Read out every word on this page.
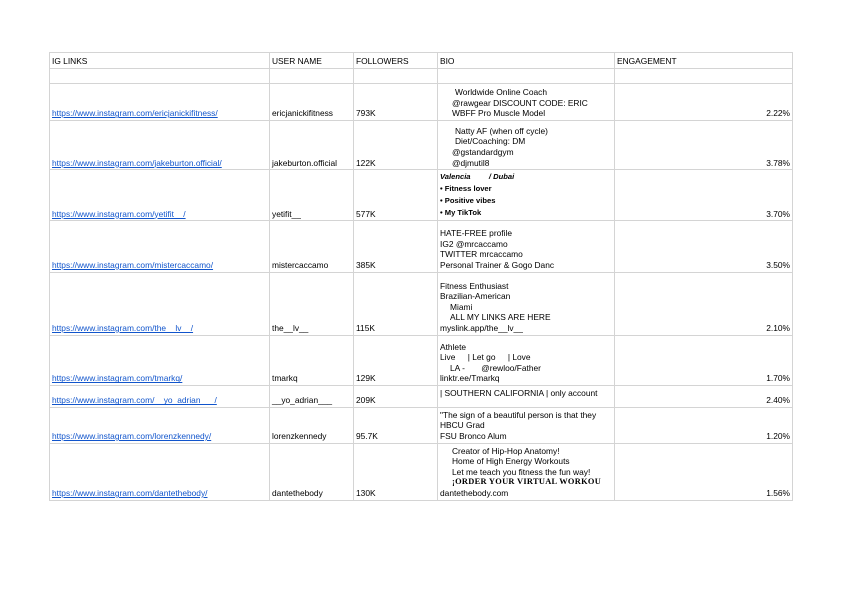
IG LINKS	USER NAME	FOLLOWERS	BIO	ENGAGEMENT

https://www.instagram.com/ericjanickifitness/	ericjanickifitness	793K	Worldwide Online Coach
@rawgear DISCOUNT CODE: ERIC
WBFF Pro Muscle Model	2.22%
https://www.instagram.com/jakeburton.official/	jakeburton.official	122K	Natty AF (when off cycle)
Diet/Coaching: DM
@gstandardgym
@djmutil8	3.78%
https://www.instagram.com/yetifit__/	yetifit__	577K	Valencia / Dubai
• Fitness lover
• Positive vibes
• My TikTok	3.70%
https://www.instagram.com/mistercaccamo/	mistercaccamo	385K	HATE-FREE profile
IG2 @mrcaccamo
TWITTER mrcaccamo
Personal Trainer & Gogo Danc	3.50%
https://www.instagram.com/the__lv__/	the__lv__	115K	Fitness Enthusiast
Brazilian-American
Miami
ALL MY LINKS ARE HERE
myslink.app/the__lv__	2.10%
https://www.instagram.com/tmarkq/	tmarkq	129K	Athlete
Live | Let go | Love
LA - @rewloo/Father
linktr.ee/Tmarkq	1.70%
https://www.instagram.com/__yo_adrian___/	__yo_adrian___	209K	| SOUTHERN CALIFORNIA | only account	2.40%
https://www.instagram.com/lorenzkennedy/	lorenzkennedy	95.7K	"The sign of a beautiful person is that they
HBCU Grad
FSU Bronco Alum	1.20%
https://www.instagram.com/dantethebody/	dantethebody	130K	Creator of Hip-Hop Anatomy!
Home of High Energy Workouts
Let me teach you fitness the fun way!
¡ORDER YOUR VIRTUAL WORKOU
dantethebody.com	1.56%
